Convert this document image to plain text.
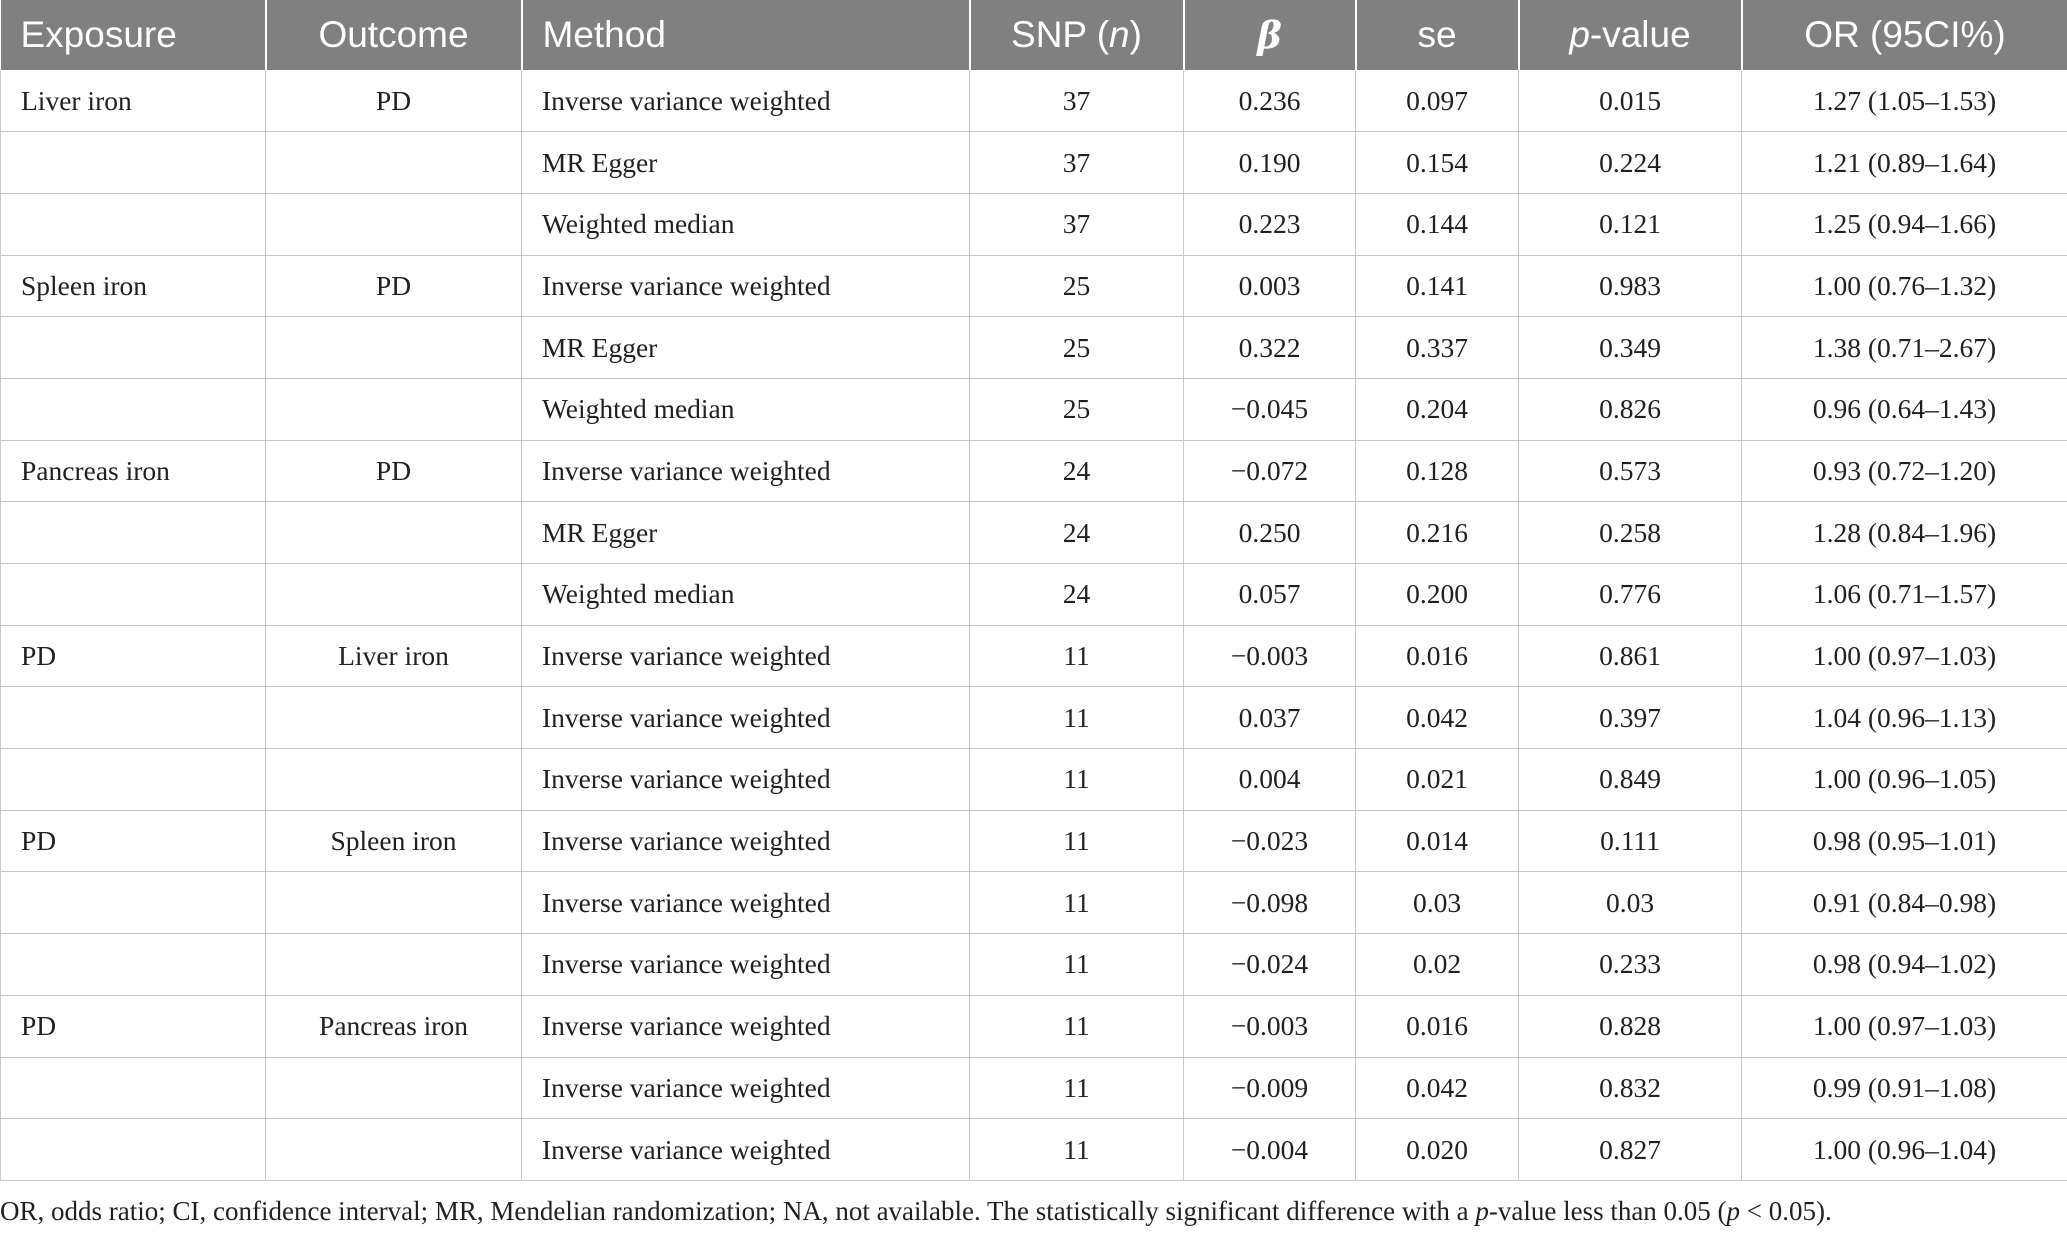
Exposure	Outcome	Method	SNP (n)	β	se	p-value	OR (95CI%)
Liver iron	PD	Inverse variance weighted	37	0.236	0.097	0.015	1.27 (1.05–1.53)
		MR Egger	37	0.190	0.154	0.224	1.21 (0.89–1.64)
		Weighted median	37	0.223	0.144	0.121	1.25 (0.94–1.66)
Spleen iron	PD	Inverse variance weighted	25	0.003	0.141	0.983	1.00 (0.76–1.32)
		MR Egger	25	0.322	0.337	0.349	1.38 (0.71–2.67)
		Weighted median	25	−0.045	0.204	0.826	0.96 (0.64–1.43)
Pancreas iron	PD	Inverse variance weighted	24	−0.072	0.128	0.573	0.93 (0.72–1.20)
		MR Egger	24	0.250	0.216	0.258	1.28 (0.84–1.96)
		Weighted median	24	0.057	0.200	0.776	1.06 (0.71–1.57)
PD	Liver iron	Inverse variance weighted	11	−0.003	0.016	0.861	1.00 (0.97–1.03)
		Inverse variance weighted	11	0.037	0.042	0.397	1.04 (0.96–1.13)
		Inverse variance weighted	11	0.004	0.021	0.849	1.00 (0.96–1.05)
PD	Spleen iron	Inverse variance weighted	11	−0.023	0.014	0.111	0.98 (0.95–1.01)
		Inverse variance weighted	11	−0.098	0.03	0.03	0.91 (0.84–0.98)
		Inverse variance weighted	11	−0.024	0.02	0.233	0.98 (0.94–1.02)
PD	Pancreas iron	Inverse variance weighted	11	−0.003	0.016	0.828	1.00 (0.97–1.03)
		Inverse variance weighted	11	−0.009	0.042	0.832	0.99 (0.91–1.08)
		Inverse variance weighted	11	−0.004	0.020	0.827	1.00 (0.96–1.04)
OR, odds ratio; CI, confidence interval; MR, Mendelian randomization; NA, not available. The statistically significant difference with a p-value less than 0.05 (p < 0.05).
